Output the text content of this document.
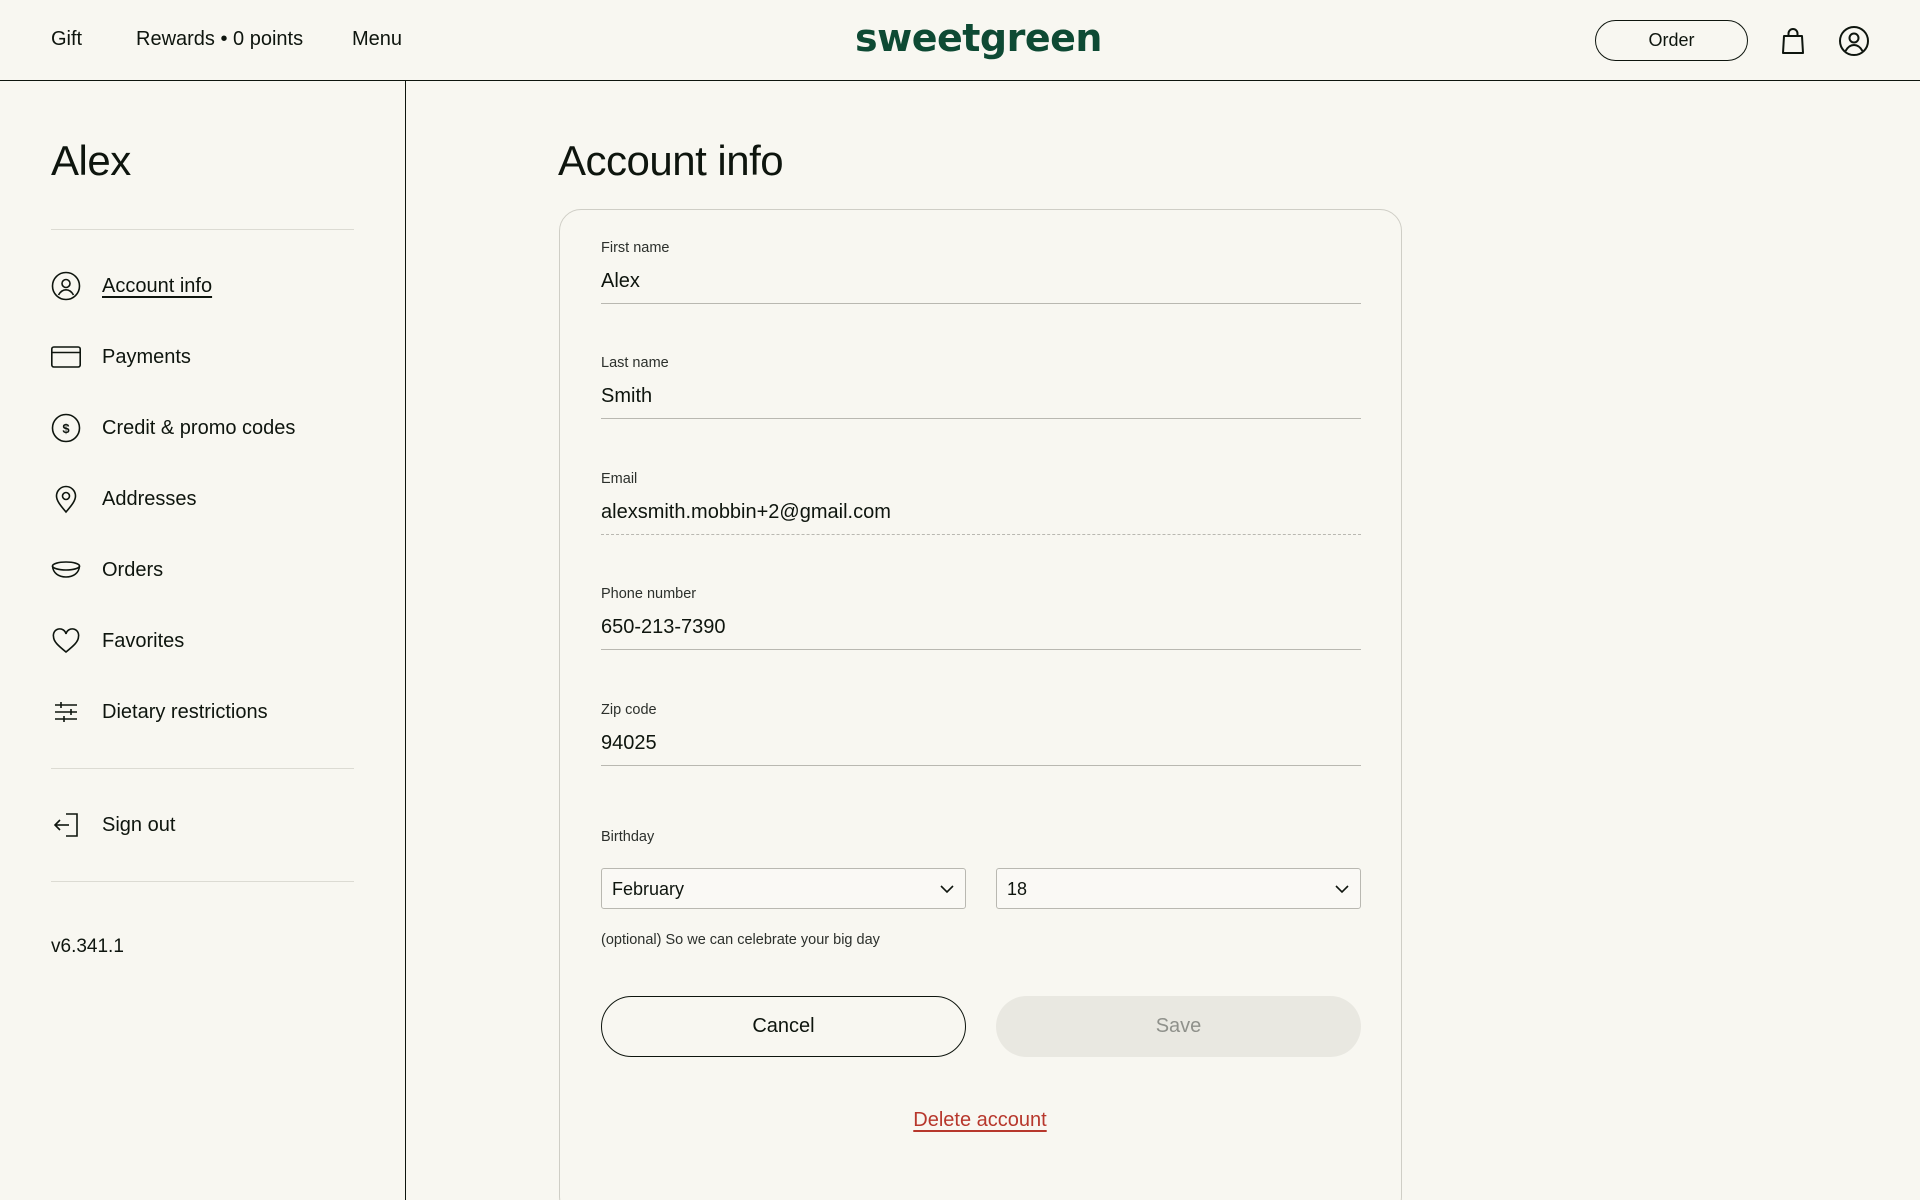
Gift	Rewards • 0 points Menu	sweetgreen	Order
Alex
Account info
Payments
$ Credit & promo codes
Addresses
Orders
Favorites
Dietary restrictions
Sign out
v6.341.1
Account info
First name
Alex
Last name
Smith
Email
alexsmith.mobbin+2@gmail.com
Phone number
650-213-7390
Zip code
94025
Birthday
February	18
(optional) So we can celebrate your big day
Cancel	Save
Delete account
